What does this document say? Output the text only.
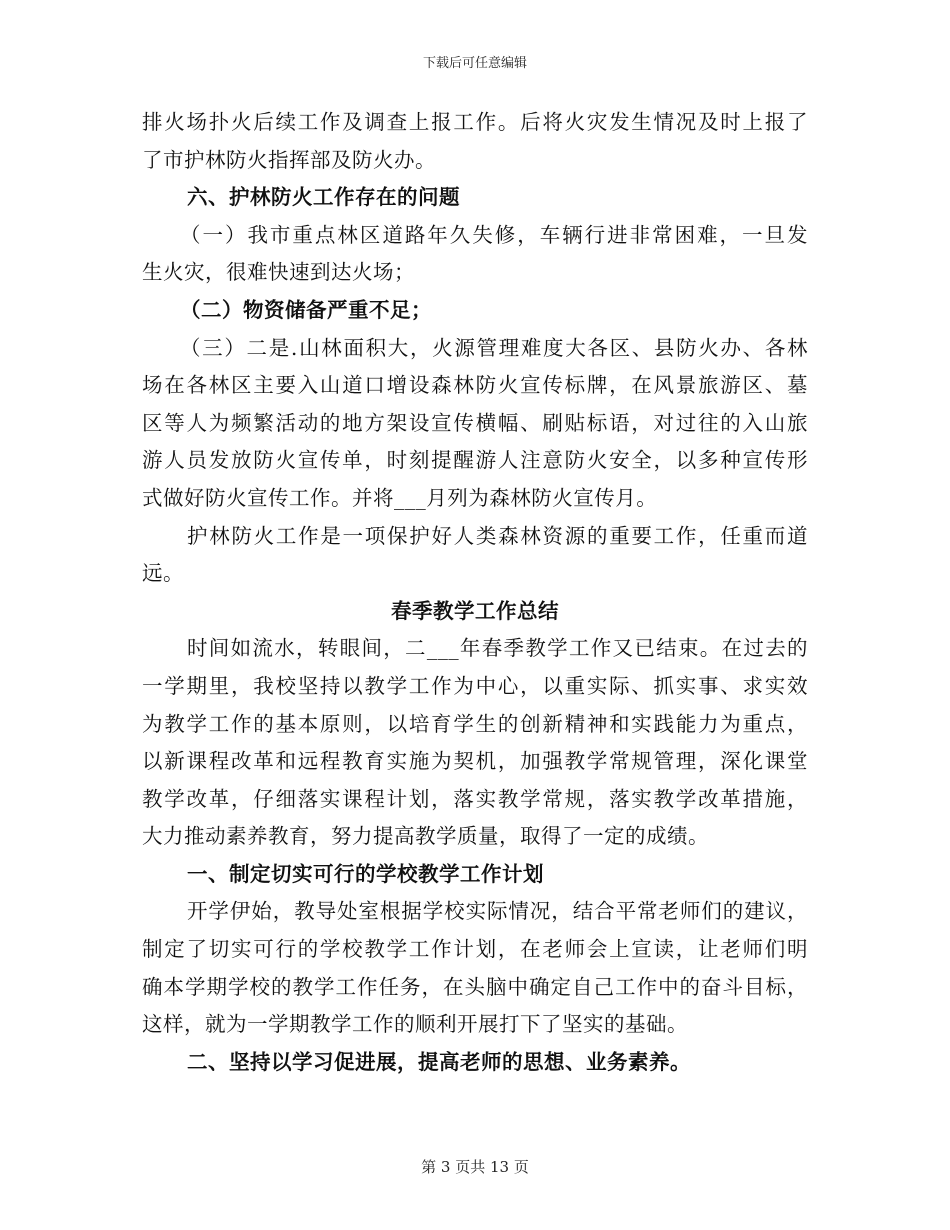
下载后可任意编辑
排火场扑火后续工作及调查上报工作。后将火灾发生情况及时上报了
了市护林防火指挥部及防火办。
六、护林防火工作存在的问题
（一）我市重点林区道路年久失修，车辆行进非常困难，一旦发
生火灾，很难快速到达火场；
（二）物资储备严重不足；
（三）二是.山林面积大，火源管理难度大各区、县防火办、各林
场在各林区主要入山道口增设森林防火宣传标牌，在风景旅游区、墓
区等人为频繁活动的地方架设宣传横幅、刷贴标语，对过往的入山旅
游人员发放防火宣传单，时刻提醒游人注意防火安全，以多种宣传形
式做好防火宣传工作。并将___月列为森林防火宣传月。
护林防火工作是一项保护好人类森林资源的重要工作，任重而道
远。
春季教学工作总结
时间如流水，转眼间，二___年春季教学工作又已结束。在过去的
一学期里，我校坚持以教学工作为中心，以重实际、抓实事、求实效
为教学工作的基本原则，以培育学生的创新精神和实践能力为重点，
以新课程改革和远程教育实施为契机，加强教学常规管理，深化课堂
教学改革，仔细落实课程计划，落实教学常规，落实教学改革措施，
大力推动素养教育，努力提高教学质量，取得了一定的成绩。
一、制定切实可行的学校教学工作计划
开学伊始，教导处室根据学校实际情况，结合平常老师们的建议，
制定了切实可行的学校教学工作计划，在老师会上宣读，让老师们明
确本学期学校的教学工作任务，在头脑中确定自己工作中的奋斗目标，
这样，就为一学期教学工作的顺利开展打下了坚实的基础。
二、坚持以学习促进展，提高老师的思想、业务素养。
第 3 页共 13 页
